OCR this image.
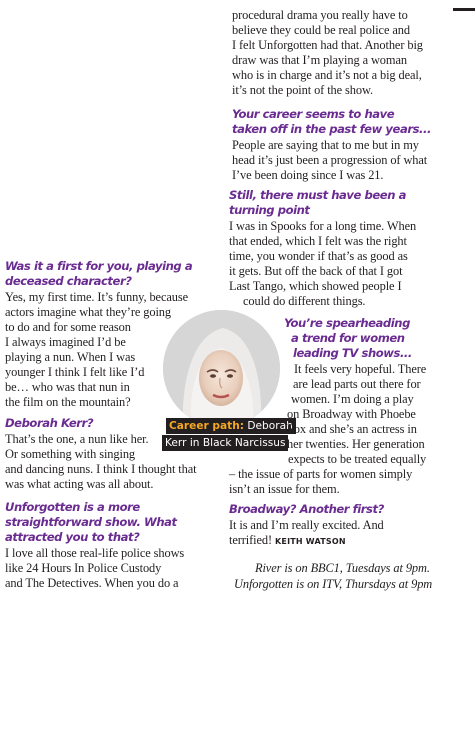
procedural drama you really have to
believe they could be real police and
I felt Unforgotten had that. Another big
draw was that I’m playing a woman
who is in charge and it’s not a big deal,
it’s not the point of the show.
Your career seems to have
taken off in the past few years...
People are saying that to me but in my
head it’s just been a progression of what
I’ve been doing since I was 21.
Still, there must have been a
turning point
I was in Spooks for a long time. When
that ended, which I felt was the right
time, you wonder if that’s as good as
it gets. But off the back of that I got
Last Tango, which showed people I
could do different things.
Was it a first for you, playing a
deceased character?
Yes, my first time. It’s funny, because
actors imagine what they’re going
to do and for some reason
I always imagined I’d be
playing a nun. When I was
younger I think I felt like I’d
be… who was that nun in
the film on the mountain?
Deborah Kerr?
That’s the one, a nun like her.
Or something with singing
and dancing nuns. I think I thought that
was what acting was all about.
Unforgotten is a more
straightforward show. What
attracted you to that?
I love all those real-life police shows
like 24 Hours In Police Custody
and The Detectives. When you do a
Career path: Deborah
Kerr in Black Narcissus
You’re spearheading
a trend for women
leading TV shows...
It feels very hopeful. There
are lead parts out there for
women. I’m doing a play
on Broadway with Phoebe
Fox and she’s an actress in
her twenties. Her generation
expects to be treated equally
– the issue of parts for women simply
isn’t an issue for them.
Broadway? Another first?
It is and I’m really excited. And
terrified! KEITH WATSON
River is on BBC1, Tuesdays at 9pm.
Unforgotten is on ITV, Thursdays at 9pm
